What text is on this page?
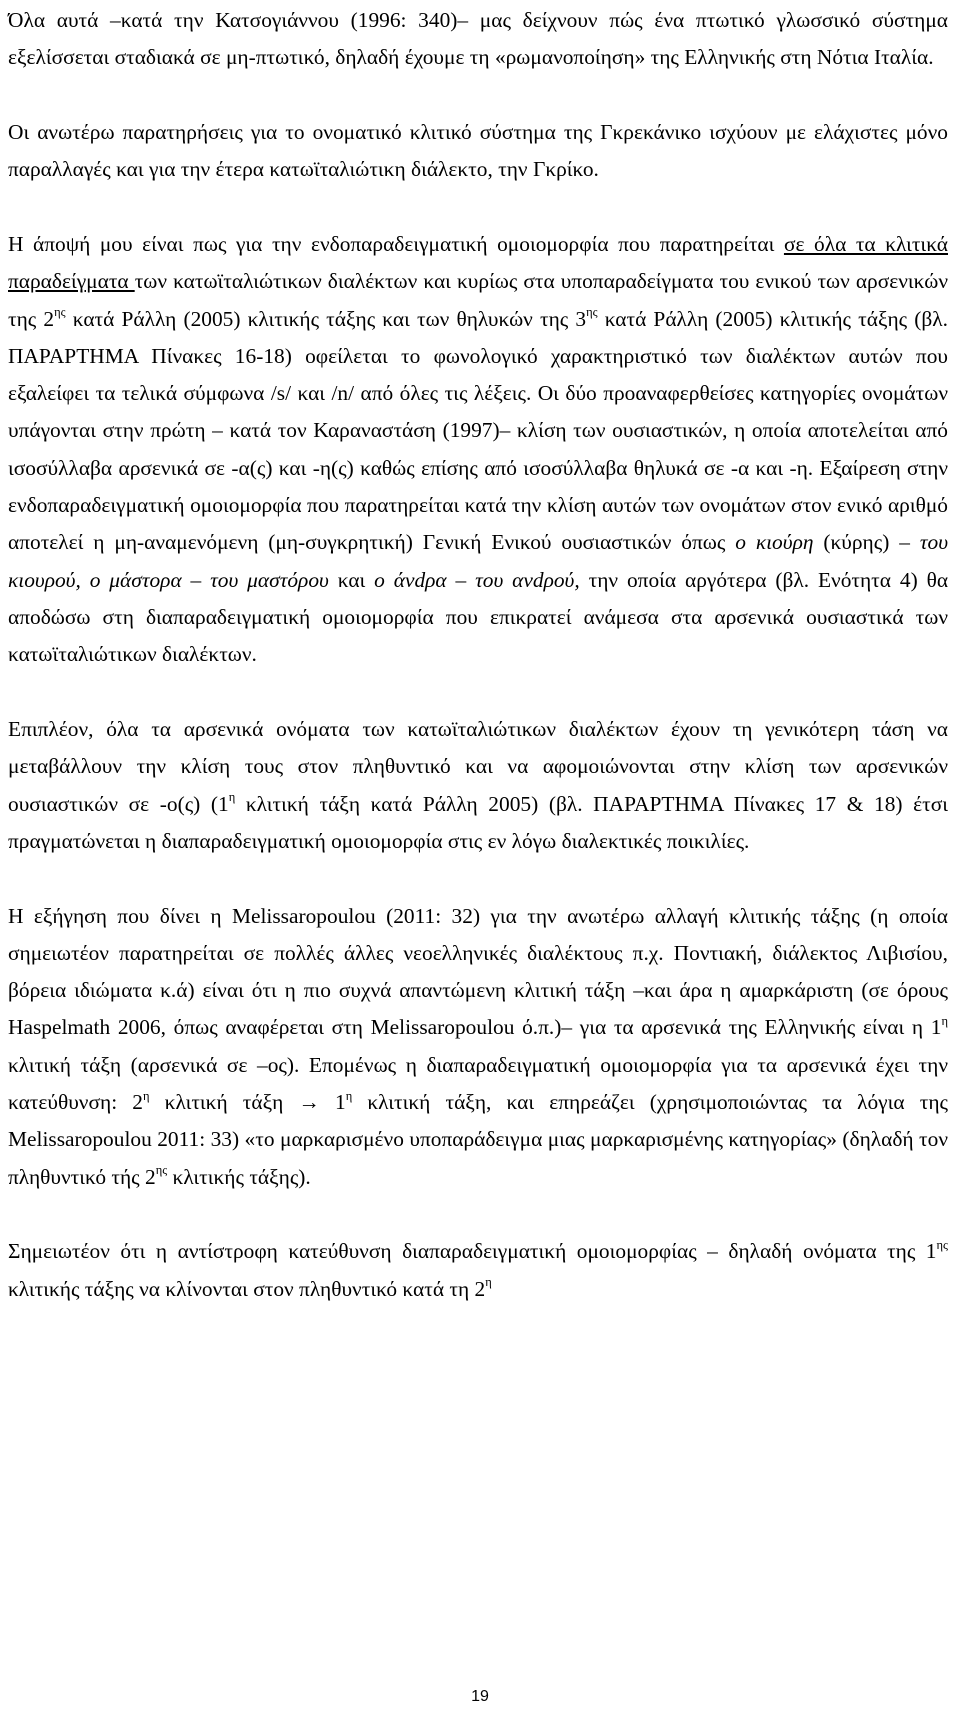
Όλα αυτά –κατά την Κατσογιάννου (1996: 340)– μας δείχνουν πώς ένα πτωτικό γλωσσικό σύστημα εξελίσσεται σταδιακά σε μη-πτωτικό, δηλαδή έχουμε τη «ρωμανοποίηση» της Ελληνικής στη Νότια Ιταλία.

Οι ανωτέρω παρατηρήσεις για το ονοματικό κλιτικό σύστημα της Γκρεκάνικο ισχύουν με ελάχιστες μόνο παραλλαγές και για την έτερα κατωϊταλιώτικη διάλεκτο, την Γκρίκο.

Η άποψή μου είναι πως για την ενδοπαραδειγματική ομοιομορφία που παρατηρείται σε όλα τα κλιτικά παραδείγματα των κατωϊταλιώτικων διαλέκτων και κυρίως στα υποπαραδείγματα του ενικού των αρσενικών της $2^{\eta\varsigma}$ κατά Ράλλη (2005) κλιτικής τάξης και των θηλυκών της $3^{\eta\varsigma}$ κατά Ράλλη (2005) κλιτικής τάξης (βλ. ΠΑΡΑΡΤΗΜΑ Πίνακες 16-18) οφείλεται το φωνολογικό χαρακτηριστικό των διαλέκτων αυτών που εξαλείφει τα τελικά σύμφωνα /s/ και /n/ από όλες τις λέξεις. Οι δύο προαναφερθείσες κατηγορίες ονομάτων υπάγονται στην πρώτη – κατά τον Καραναστάση (1997)– κλίση των ουσιαστικών, η οποία αποτελείται από ισοσύλλαβα αρσενικά σε -α(ς) και -η(ς) καθώς επίσης από ισοσύλλαβα θηλυκά σε -α και -η. Εξαίρεση στην ενδοπαραδειγματική ομοιομορφία που παρατηρείται κατά την κλίση αυτών των ονομάτων στον ενικό αριθμό αποτελεί η μη-αναμενόμενη (μη-συγκρητική) Γενική Ενικού ουσιαστικών όπως ο κιούρη (κύρης) – του κιουρού, ο μάστορα – του μαστόρου και ο άνdρα – του ανdρού, την οποία αργότερα (βλ. Ενότητα 4) θα αποδώσω στη διαπαραδειγματική ομοιομορφία που επικρατεί ανάμεσα στα αρσενικά ουσιαστικά των κατωϊταλιώτικων διαλέκτων.

Επιπλέον, όλα τα αρσενικά ονόματα των κατωϊταλιώτικων διαλέκτων έχουν τη γενικότερη τάση να μεταβάλλουν την κλίση τους στον πληθυντικό και να αφομοιώνονται στην κλίση των αρσενικών ουσιαστικών σε -ο(ς) ($1^\eta$ κλιτική τάξη κατά Ράλλη 2005) (βλ. ΠΑΡΑΡΤΗΜΑ Πίνακες 17 & 18) έτσι πραγματώνεται η διαπαραδειγματική ομοιομορφία στις εν λόγω διαλεκτικές ποικιλίες.

Η εξήγηση που δίνει η Melissaropoulou (2011: 32) για την ανωτέρω αλλαγή κλιτικής τάξης (η οποία σημειωτέον παρατηρείται σε πολλές άλλες νεοελληνικές διαλέκτους π.χ. Ποντιακή, διάλεκτος Λιβισίου, βόρεια ιδιώματα κ.ά) είναι ότι η πιο συχνά απαντώμενη κλιτική τάξη –και άρα η αμαρκάριστη (σε όρους Haspelmath 2006, όπως αναφέρεται στη Melissaropoulou ό.π.)– για τα αρσενικά της Ελληνικής είναι η $1^\eta$ κλιτική τάξη (αρσενικά σε –ος). Επομένως η διαπαραδειγματική ομοιομορφία για τα αρσενικά έχει την κατεύθυνση: $2^\eta$ κλιτική $\tau ά\xi\eta \to 1^\eta$ κλιτική τάξη, και επηρεάζει (χρησιμοποιώντας τα λόγια της Melissaropoulou 2011: 33) «το μαρκαρισμένο υποπαράδειγμα μιας μαρκαρισμένης κατηγορίας» (δηλαδή τον πληθυντικό τής $2^{\eta\varsigma}$ κλιτικής τάξης).

Σημειωτέον ότι η αντίστροφη κατεύθυνση διαπαραδειγματική ομοιομορφίας – δηλαδή ονόματα της $1^{\eta\varsigma}$ κλιτικής τάξης να κλίνονται στον πληθυντικό κατά τη $2^\eta$

19
